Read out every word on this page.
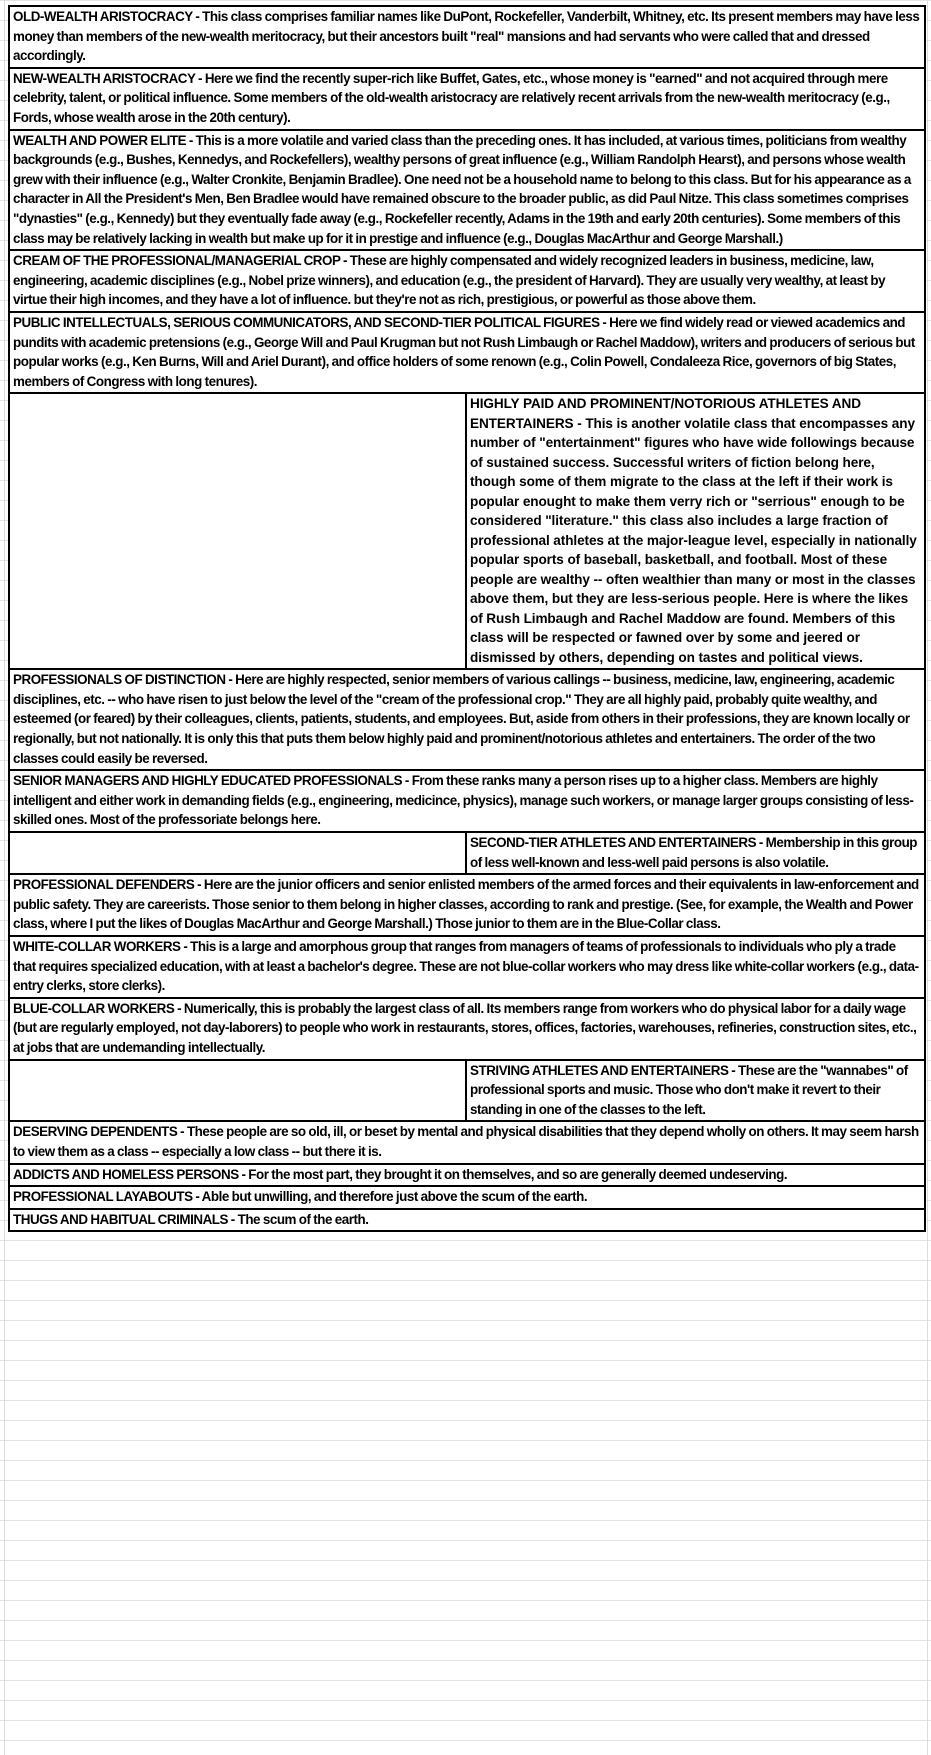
OLD-WEALTH ARISTOCRACY - This class comprises familiar names like DuPont, Rockefeller, Vanderbilt, Whitney, etc. Its present members may have less money than members of the new-wealth meritocracy, but their ancestors built "real" mansions and had servants who were called that and dressed accordingly.	
NEW-WEALTH ARISTOCRACY - Here we find the recently super-rich like Buffet, Gates, etc., whose money is "earned" and not acquired through mere celebrity, talent, or political influence. Some members of the old-wealth aristocracy are relatively recent arrivals from the new-wealth meritocracy (e.g., Fords, whose wealth arose in the 20th century).	
WEALTH AND POWER ELITE - This is a more volatile and varied class than the preceding ones. It has included, at various times, politicians from wealthy backgrounds (e.g., Bushes, Kennedys, and Rockefellers), wealthy persons of great influence (e.g., William Randolph Hearst), and persons whose wealth grew with their influence (e.g., Walter Cronkite, Benjamin Bradlee). One need not be a household name to belong to this class. But for his appearance as a character in All the President's Men, Ben Bradlee would have remained obscure to the broader public, as did Paul Nitze. This class sometimes comprises "dynasties" (e.g., Kennedy) but they eventually fade away (e.g., Rockefeller recently, Adams in the 19th and early 20th centuries). Some members of this class may be relatively lacking in wealth but make up for it in prestige and influence (e.g., Douglas MacArthur and George Marshall.)	
CREAM OF THE PROFESSIONAL/MANAGERIAL CROP - These are highly compensated and widely recognized leaders in business, medicine, law, engineering, academic disciplines (e.g., Nobel prize winners), and education (e.g., the president of Harvard). They are usually very wealthy, at least by virtue their high incomes, and they have a lot of influence. but they're not as rich, prestigious, or powerful as those above them.	
PUBLIC INTELLECTUALS, SERIOUS COMMUNICATORS, AND SECOND-TIER POLITICAL FIGURES - Here we find widely read or viewed academics and pundits with academic pretensions (e.g., George Will and Paul Krugman but not Rush Limbaugh or Rachel Maddow), writers and producers of serious but popular works (e.g., Ken Burns, Will and Ariel Durant), and office holders of some renown (e.g., Colin Powell, Condaleeza Rice, governors of big States, members of Congress with long tenures).	
	HIGHLY PAID AND PROMINENT/NOTORIOUS ATHLETES AND ENTERTAINERS - This is another volatile class that encompasses any number of "entertainment" figures who have wide followings because of sustained success. Successful writers of fiction belong here, though some of them migrate to the class at the left if their work is popular enought to make them verry rich or "serrious" enough to be considered "literature." this class also includes a large fraction of professional athletes at the major-league level, especially in nationally popular sports of baseball, basketball, and football. Most of these people are wealthy -- often wealthier than many or most in the classes above them, but they are less-serious people. Here is where the likes of Rush Limbaugh and Rachel Maddow are found. Members of this class will be respected or fawned over by some and jeered or dismissed by others, depending on tastes and political views.
PROFESSIONALS OF DISTINCTION - Here are highly respected, senior members of various callings -- business, medicine, law, engineering, academic disciplines, etc. -- who have risen to just below the level of the "cream of the professional crop." They are all highly paid, probably quite wealthy, and esteemed (or feared) by their colleagues, clients, patients, students, and employees. But, aside from others in their professions, they are known locally or regionally, but not nationally. It is only this that puts them below highly paid and prominent/notorious athletes and entertainers. The order of the two classes could easily be reversed.	
SENIOR MANAGERS AND HIGHLY EDUCATED PROFESSIONALS - From these ranks many a person rises up to a higher class. Members are highly intelligent and either work in demanding fields (e.g., engineering, medicince, physics), manage such workers, or manage larger groups consisting of less-skilled ones. Most of the professoriate belongs here.	
	SECOND-TIER ATHLETES AND ENTERTAINERS - Membership in this group of less well-known and less-well paid persons is also volatile.
PROFESSIONAL DEFENDERS - Here are the junior officers and senior enlisted members of the armed forces and their equivalents in law-enforcement and public safety. They are careerists. Those senior to them belong in higher classes, according to rank and prestige. (See, for example, the Wealth and Power class, where I put the likes of Douglas MacArthur and George Marshall.) Those junior to them are in the Blue-Collar class.	
WHITE-COLLAR WORKERS - This is a large and amorphous group that ranges from managers of teams of professionals to individuals who ply a trade that requires specialized education, with at least a bachelor's degree. These are not blue-collar workers who may dress like white-collar workers (e.g., data-entry clerks, store clerks).	
BLUE-COLLAR WORKERS - Numerically, this is probably the largest class of all. Its members range from workers who do physical labor for a daily wage (but are regularly employed, not day-laborers) to people who work in restaurants, stores, offices, factories, warehouses, refineries, construction sites, etc., at jobs that are undemanding intellectually.	
	STRIVING ATHLETES AND ENTERTAINERS - These are the "wannabes" of professional sports and music. Those who don't make it revert to their standing in one of the classes to the left.
DESERVING DEPENDENTS - These people are so old, ill, or beset by mental and physical disabilities that they depend wholly on others. It may seem harsh to view them as a class -- especially a low class -- but there it is.	
ADDICTS AND HOMELESS PERSONS - For the most part, they brought it on themselves, and so are generally deemed undeserving.	
PROFESSIONAL LAYABOUTS - Able but unwilling, and therefore just above the scum of the earth.	
THUGS AND HABITUAL CRIMINALS - The scum of the earth.	
